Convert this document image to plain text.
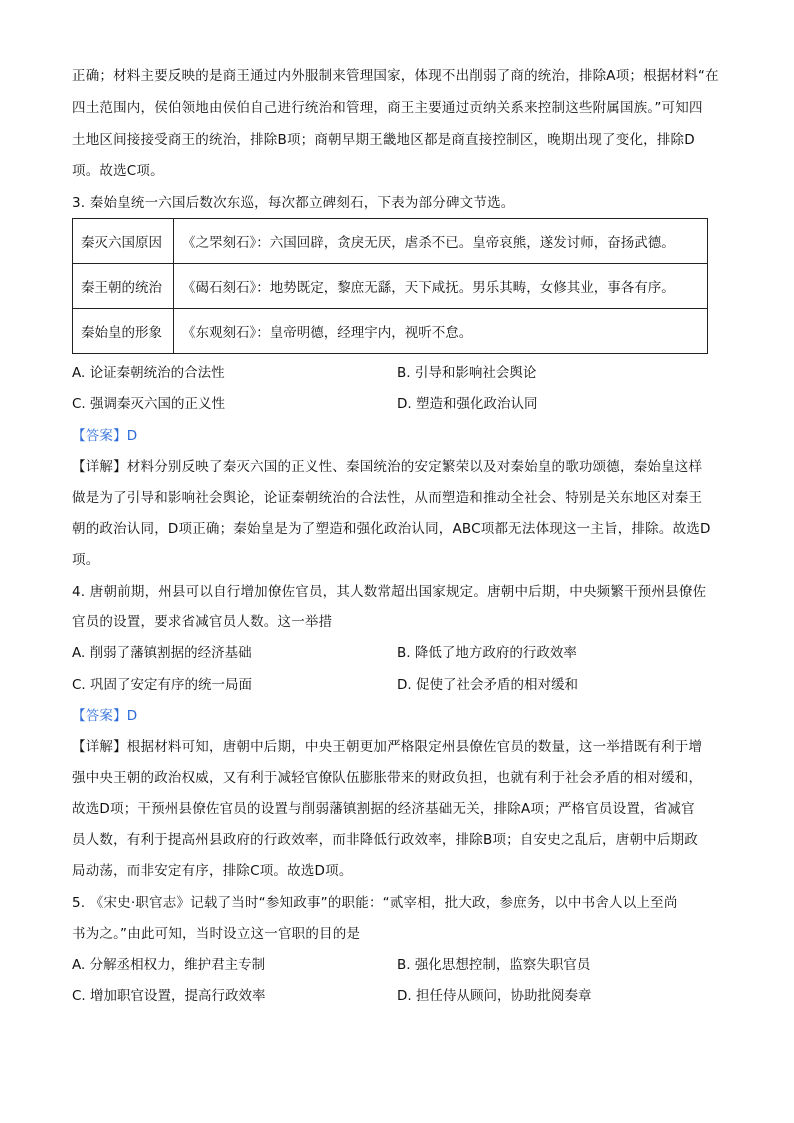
正确；材料主要反映的是商王通过内外服制来管理国家，体现不出削弱了商的统治，排除A项；根据材料“在
四土范围内，侯伯领地由侯伯自己进行统治和管理，商王主要通过贡纳关系来控制这些附属国族。”可知四
土地区间接接受商王的统治，排除B项；商朝早期王畿地区都是商直接控制区，晚期出现了变化，排除D
项。故选C项。
3. 秦始皇统一六国后数次东巡，每次都立碑刻石，下表为部分碑文节选。
秦灭六国原因	《之罘刻石》：六国回辟，贪戾无厌，虐杀不已。皇帝哀熊，遂发讨师，奋扬武德。
秦王朝的统治	《碣石刻石》：地势既定，黎庶无繇，天下咸抚。男乐其畴，女修其业，事各有序。
秦始皇的形象	《东观刻石》：皇帝明德，经理宇内，视听不怠。
A. 论证秦朝统治的合法性	B. 引导和影响社会舆论
C. 强调秦灭六国的正义性	D. 塑造和强化政治认同
【答案】D
【详解】材料分别反映了秦灭六国的正义性、秦国统治的安定繁荣以及对秦始皇的歌功颂德，秦始皇这样
做是为了引导和影响社会舆论，论证秦朝统治的合法性，从而塑造和推动全社会、特别是关东地区对秦王
朝的政治认同，D项正确；秦始皇是为了塑造和强化政治认同，ABC项都无法体现这一主旨，排除。故选D
项。
4. 唐朝前期，州县可以自行增加僚佐官员，其人数常超出国家规定。唐朝中后期，中央频繁干预州县僚佐
官员的设置，要求省减官员人数。这一举措
A. 削弱了藩镇割据的经济基础	B. 降低了地方政府的行政效率
C. 巩固了安定有序的统一局面	D. 促使了社会矛盾的相对缓和
【答案】D
【详解】根据材料可知，唐朝中后期，中央王朝更加严格限定州县僚佐官员的数量，这一举措既有利于增
强中央王朝的政治权威，又有利于减轻官僚队伍膨胀带来的财政负担，也就有利于社会矛盾的相对缓和，
故选D项；干预州县僚佐官员的设置与削弱藩镇割据的经济基础无关，排除A项；严格官员设置，省减官
员人数，有利于提高州县政府的行政效率，而非降低行政效率，排除B项；自安史之乱后，唐朝中后期政
局动荡，而非安定有序，排除C项。故选D项。
5. 《宋史·职官志》记载了当时“参知政事”的职能：“贰宰相，批大政，参庶务，以中书舍人以上至尚
书为之。”由此可知，当时设立这一官职的目的是
A. 分解丞相权力，维护君主专制	B. 强化思想控制，监察失职官员
C. 增加职官设置，提高行政效率	D. 担任侍从顾问，协助批阅奏章
